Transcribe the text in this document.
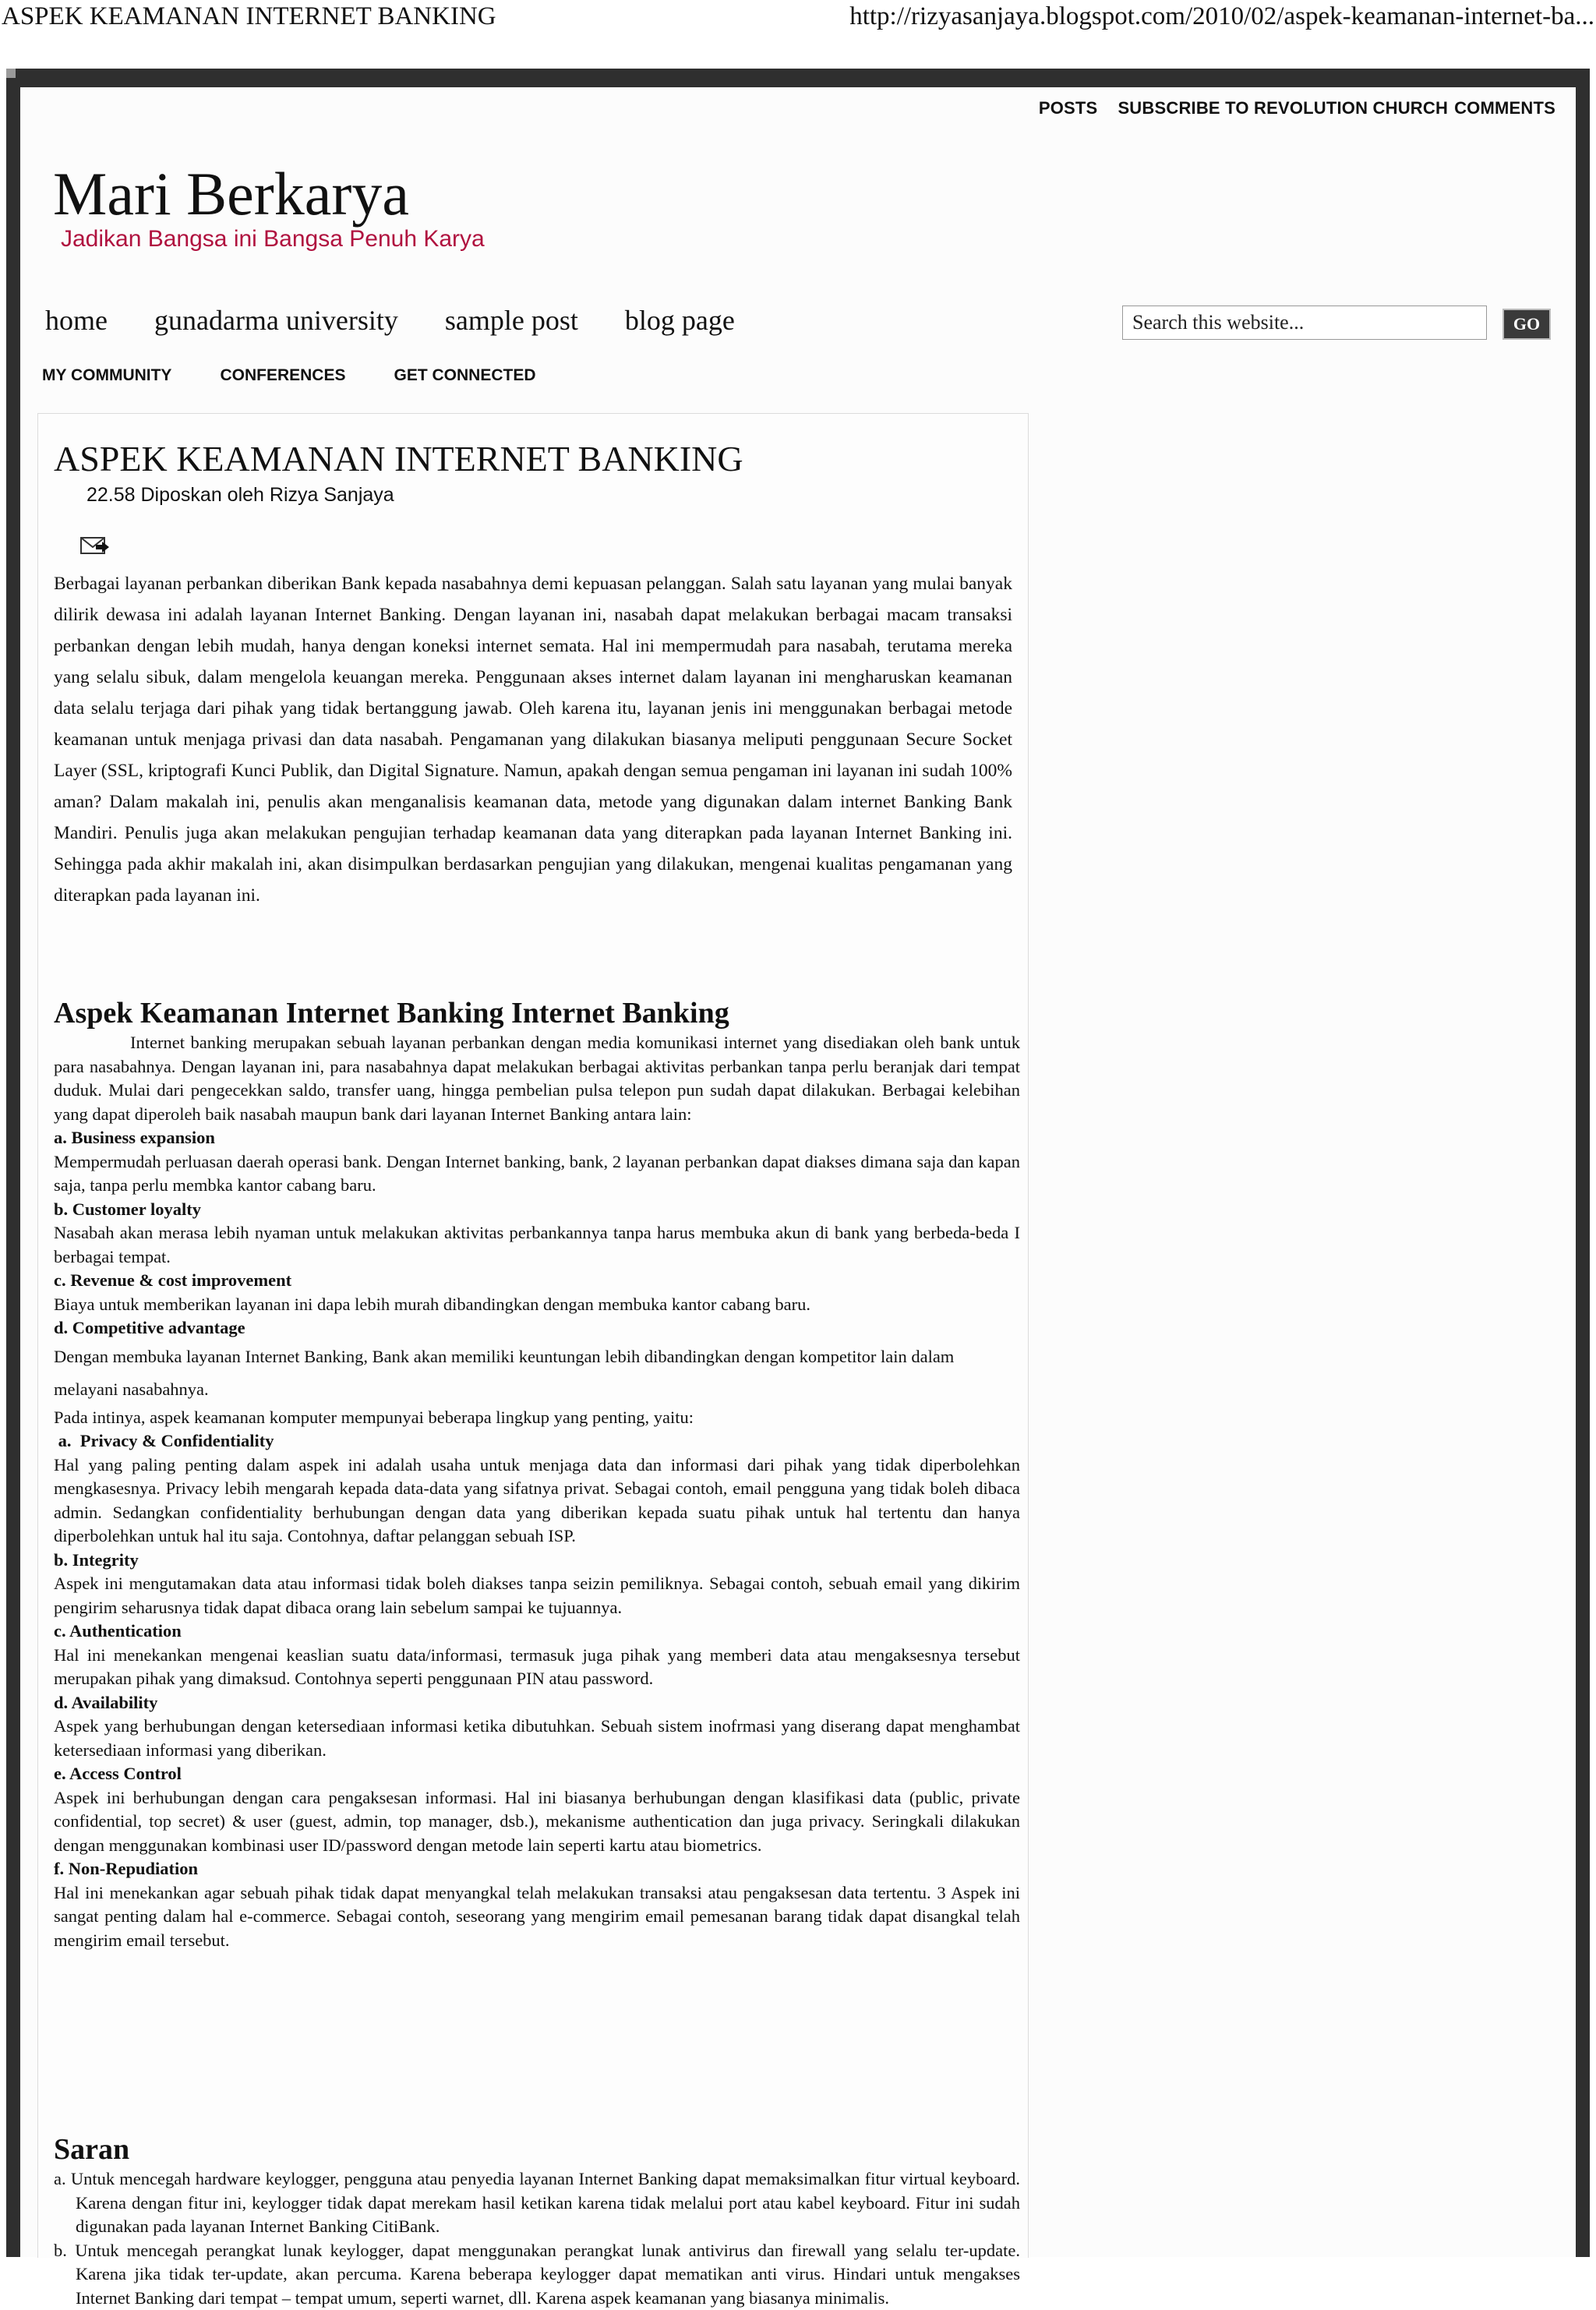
ASPEK KEAMANAN INTERNET BANKING	http://rizyasanjaya.blogspot.com/2010/02/aspek-keamanan-internet-ba...
POSTS SUBSCRIBE TO REVOLUTION CHURCH COMMENTS
Mari Berkarya
Jadikan Bangsa ini Bangsa Penuh Karya
home gunadarma university sample post blog page
MY COMMUNITY	CONFERENCES	GET CONNECTED
Search this website...
GO
ASPEK KEAMANAN INTERNET BANKING
22.58 Diposkan oleh Rizya Sanjaya

Berbagai layanan perbankan diberikan Bank kepada nasabahnya demi kepuasan pelanggan. Salah satu layanan yang mulai banyak dilirik dewasa ini adalah layanan Internet Banking. Dengan layanan ini, nasabah dapat melakukan berbagai macam transaksi perbankan dengan lebih mudah, hanya dengan koneksi internet semata. Hal ini mempermudah para nasabah, terutama mereka yang selalu sibuk, dalam mengelola keuangan mereka. Penggunaan akses internet dalam layanan ini mengharuskan keamanan data selalu terjaga dari pihak yang tidak bertanggung jawab. Oleh karena itu, layanan jenis ini menggunakan berbagai metode keamanan untuk menjaga privasi dan data nasabah. Pengamanan yang dilakukan biasanya meliputi penggunaan Secure Socket Layer (SSL, kriptografi Kunci Publik, dan Digital Signature. Namun, apakah dengan semua pengaman ini layanan ini sudah 100% aman? Dalam makalah ini, penulis akan menganalisis keamanan data, metode yang digunakan dalam internet Banking Bank Mandiri. Penulis juga akan melakukan pengujian terhadap keamanan data yang diterapkan pada layanan Internet Banking ini. Sehingga pada akhir makalah ini, akan disimpulkan berdasarkan pengujian yang dilakukan, mengenai kualitas pengamanan yang diterapkan pada layanan ini.

Aspek Keamanan Internet Banking Internet Banking

Internet banking merupakan sebuah layanan perbankan dengan media komunikasi internet yang disediakan oleh bank untuk para nasabahnya. Dengan layanan ini, para nasabahnya dapat melakukan berbagai aktivitas perbankan tanpa perlu beranjak dari tempat duduk. Mulai dari pengecekkan saldo, transfer uang, hingga pembelian pulsa telepon pun sudah dapat dilakukan. Berbagai kelebihan yang dapat diperoleh baik nasabah maupun bank dari layanan Internet Banking antara lain:

a. Business expansion

Mempermudah perluasan daerah operasi bank. Dengan Internet banking, bank, 2 layanan perbankan dapat diakses dimana saja dan kapan saja, tanpa perlu membka kantor cabang baru.

b. Customer loyalty

Nasabah akan merasa lebih nyaman untuk melakukan aktivitas perbankannya tanpa harus membuka akun di bank yang berbeda-beda I berbagai tempat.

c. Revenue & cost improvement

Biaya untuk memberikan layanan ini dapa lebih murah dibandingkan dengan membuka kantor cabang baru.

d. Competitive advantage

Dengan membuka layanan Internet Banking, Bank akan memiliki keuntungan lebih dibandingkan dengan kompetitor lain dalam melayani nasabahnya.

Pada intinya, aspek keamanan komputer mempunyai beberapa lingkup yang penting, yaitu:

a.  Privacy & Confidentiality

Hal yang paling penting dalam aspek ini adalah usaha untuk menjaga data dan informasi dari pihak yang tidak diperbolehkan mengkasesnya. Privacy lebih mengarah kepada data-data yang sifatnya privat. Sebagai contoh, email pengguna yang tidak boleh dibaca admin. Sedangkan confidentiality berhubungan dengan data yang diberikan kepada suatu pihak untuk hal tertentu dan hanya diperbolehkan untuk hal itu saja. Contohnya, daftar pelanggan sebuah ISP.

b. Integrity

Aspek ini mengutamakan data atau informasi tidak boleh diakses tanpa seizin pemiliknya. Sebagai contoh, sebuah email yang dikirim pengirim seharusnya tidak dapat dibaca orang lain sebelum sampai ke tujuannya.

c. Authentication

Hal ini menekankan mengenai keaslian suatu data/informasi, termasuk juga pihak yang memberi data atau mengaksesnya tersebut merupakan pihak yang dimaksud. Contohnya seperti penggunaan PIN atau password.

d. Availability

Aspek yang berhubungan dengan ketersediaan informasi ketika dibutuhkan. Sebuah sistem inofrmasi yang diserang dapat menghambat ketersediaan informasi yang diberikan.

e. Access Control

Aspek ini berhubungan dengan cara pengaksesan informasi. Hal ini biasanya berhubungan dengan klasifikasi data (public, private confidential, top secret) & user (guest, admin, top manager, dsb.), mekanisme authentication dan juga privacy. Seringkali dilakukan dengan menggunakan kombinasi user ID/password dengan metode lain seperti kartu atau biometrics.

f. Non-Repudiation

Hal ini menekankan agar sebuah pihak tidak dapat menyangkal telah melakukan transaksi atau pengaksesan data tertentu. 3 Aspek ini sangat penting dalam hal e-commerce. Sebagai contoh, seseorang yang mengirim email pemesanan barang tidak dapat disangkal telah mengirim email tersebut.

Saran

a. Untuk mencegah hardware keylogger, pengguna atau penyedia layanan Internet Banking dapat memaksimalkan fitur virtual keyboard. Karena dengan fitur ini, keylogger tidak dapat merekam hasil ketikan karena tidak melalui port atau kabel keyboard. Fitur ini sudah digunakan pada layanan Internet Banking CitiBank.

b. Untuk mencegah perangkat lunak keylogger, dapat menggunakan perangkat lunak antivirus dan firewall yang selalu ter-update. Karena jika tidak ter-update, akan percuma. Karena beberapa keylogger dapat mematikan anti virus. Hindari untuk mengakses Internet Banking dari tempat – tempat umum, seperti warnet, dll. Karena aspek keamanan yang biasanya minimalis.
